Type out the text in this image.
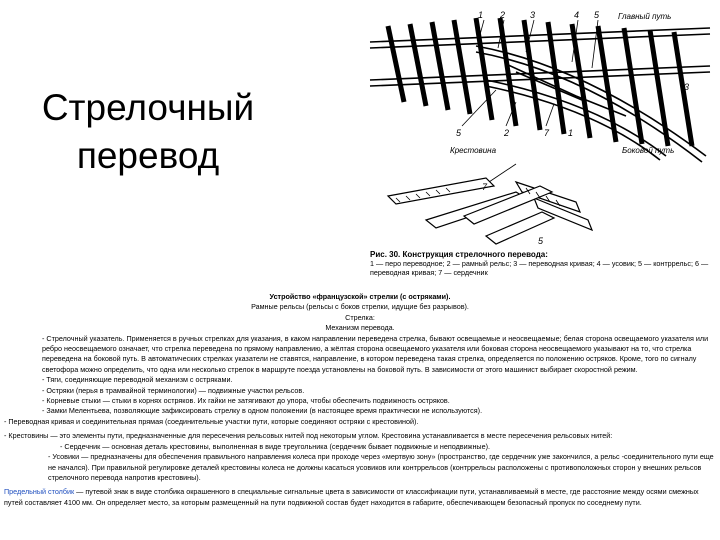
Стрелочный
перевод
1 2	3	4 5 Главный путь
3
5	2	7 1
Крестовина	Боковой путь
7
5
Рис. 30. Конструкция стрелочного перевода:
1 — перо переводное; 2 — рамный рельс; 3 — переводная кривая; 4 — усовик; 5 — контррельс; 6 — переводная кривая; 7 — сердечник
Устройство «французской» стрелки (с остряками).
Рамные рельсы (рельсы с боков стрелки, идущие без разрывов).
Стрелка:
Механизм перевода.
- Стрелочный указатель. Применяется в ручных стрелках для указания, в каком направлении переведена стрелка, бывают освещаемые и неосвещаемые; белая сторона освещаемого указателя или ребро неосвещаемого означает, что стрелка переведена по прямому направлению, а жёлтая сторона освещаемого указателя или боковая сторона неосвещаемого указывают на то, что стрелка переведена на боковой путь. В автоматических стрелках указатели не ставятся, направление, в котором переведена такая стрелка, определяется по положению остряков. Кроме, того по сигналу светофора можно определить, что одна или несколько стрелок в маршруте поезда установлены на боковой путь. В зависимости от этого машинист выбирает скоростной режим.
- Тяги, соединяющие переводной механизм с остряками.
- Остряки (перья в трамвайной терминологии) — подвижные участки рельсов.
- Корневые стыки — стыки в корнях остряков. Их гайки не затягивают до упора, чтобы обеспечить подвижность остряков.
- Замки Мелентьева, позволяющие зафиксировать стрелку в одном положении (в настоящее время практически не используются).
- Переводная кривая и соединительная прямая (соединительные участки пути, которые соединяют остряки с крестовиной).
- Крестовины — это элементы пути, предназначенные для пересечения рельсовых нитей под некоторым углом. Крестовина устанавливается в месте пересечения рельсовых нитей:
- Сердечник — основная деталь крестовины, выполненная в виде треугольника (сердечник бывает подвижные и неподвижные).
- Усовики — предназначены для обеспечения правильного направления колеса при проходе через «мертвую зону» (пространство, где сердечник уже закончился, а рельс -соединительного пути еще не начался). При правильной регулировке деталей крестовины колеса не должны касаться усовиков или контррельсов (контррельсы расположены с противоположных сторон у внешних рельсов стрелочного перевода напротив крестовины).
Предельный столбик — путевой знак в виде столбика окрашенного в специальные сигнальные цвета в зависимости от классификации пути, устанавливаемый в месте, где расстояние между осями смежных путей составляет 4100 мм. Он определяет место, за которым размещенный на пути подвижной состав будет находится в габарите, обеспечивающем безопасный пропуск по соседнему пути.
